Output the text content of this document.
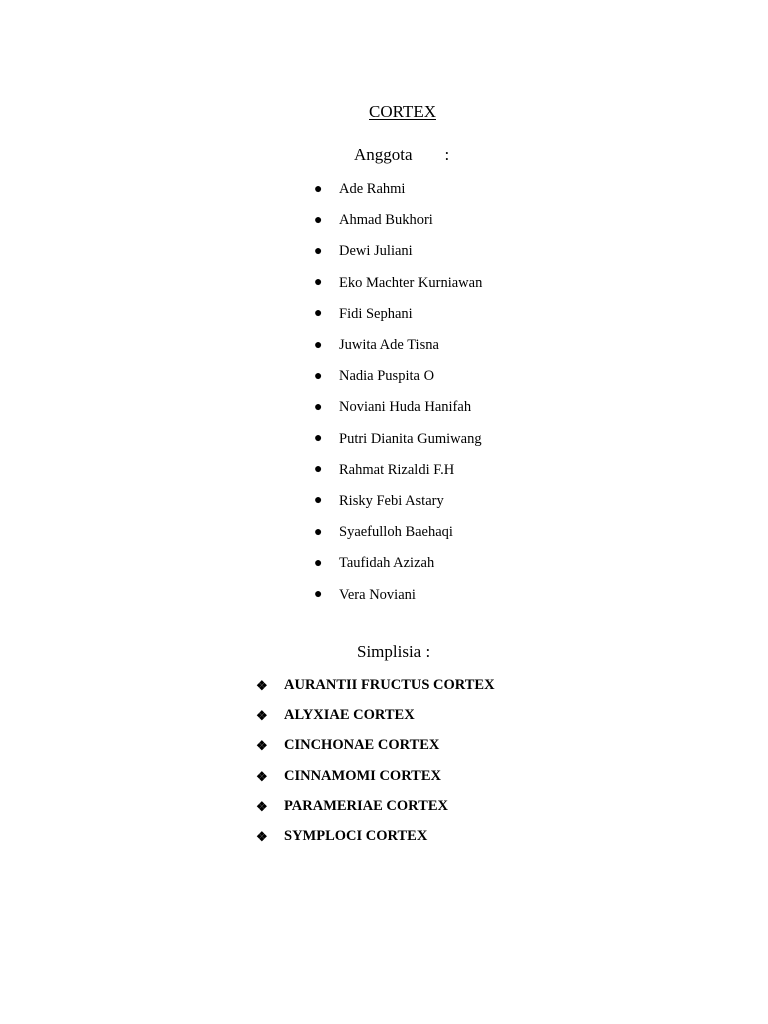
CORTEX
Anggota :
●	Ade Rahmi
●	Ahmad Bukhori
●	Dewi Juliani
●	Eko Machter Kurniawan
●	Fidi Sephani
●	Juwita Ade Tisna
●	Nadia Puspita O
●	Noviani Huda Hanifah
●	Putri Dianita Gumiwang
●	Rahmat Rizaldi F.H
●	Risky Febi Astary
●	Syaefulloh Baehaqi
●	Taufidah Azizah
●	Vera Noviani
Simplisia :
❖	AURANTII FRUCTUS CORTEX
❖	ALYXIAE CORTEX
❖	CINCHONAE CORTEX
❖	CINNAMOMI CORTEX
❖	PARAMERIAE CORTEX
❖	SYMPLOCI CORTEX
